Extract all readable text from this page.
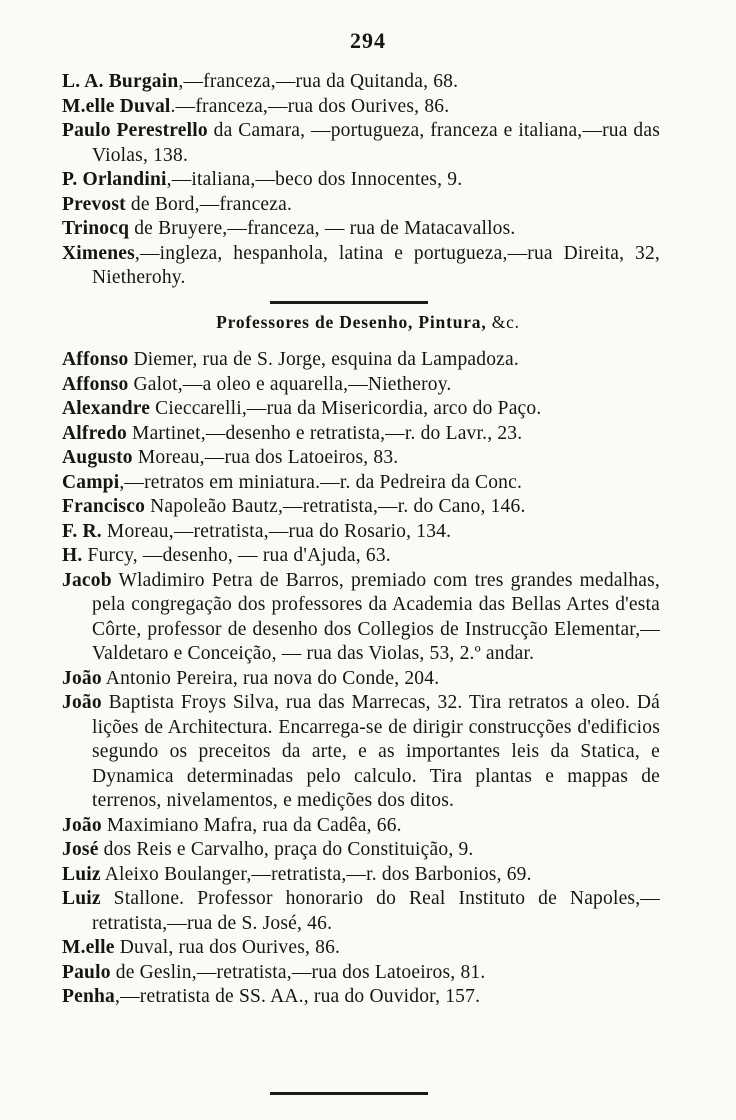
294

L. A. Burgain,—franceza,—rua da Quitanda, 68.

M.elle Duval.—franceza,—rua dos Ourives, 86.

Paulo Perestrello da Camara, —portugueza, franceza e italiana,—rua das Violas, 138.

P. Orlandini,—italiana,—beco dos Innocentes, 9.

Prevost de Bord,—franceza.

Trinocq de Bruyere,—franceza, — rua de Matacavallos.

Ximenes,—ingleza, hespanhola, latina e portugueza,—rua Direita, 32, Nietherohy.

Professores de Desenho, Pintura, &c.

Affonso Diemer, rua de S. Jorge, esquina da Lampadoza.

Affonso Galot,—a oleo e aquarella,—Nietheroy.

Alexandre Cieccarelli,—rua da Misericordia, arco do Paço.

Alfredo Martinet,—desenho e retratista,—r. do Lavr., 23.

Augusto Moreau,—rua dos Latoeiros, 83.

Campi,—retratos em miniatura.—r. da Pedreira da Conc.

Francisco Napoleão Bautz,—retratista,—r. do Cano, 146.

F. R. Moreau,—retratista,—rua do Rosario, 134.

H. Furcy, —desenho, — rua d'Ajuda, 63.

Jacob Wladimiro Petra de Barros, premiado com tres grandes medalhas, pela congregação dos professores da Academia das Bellas Artes d'esta Côrte, professor de desenho dos Collegios de Instrucção Elementar,—Valdetaro e Conceição, — rua das Violas, 53, 2.º andar.

João Antonio Pereira, rua nova do Conde, 204.

João Baptista Froys Silva, rua das Marrecas, 32. Tira retratos a oleo. Dá lições de Architectura. Encarrega-se de dirigir construcções d'edificios segundo os preceitos da arte, e as importantes leis da Statica, e Dynamica determinadas pelo calculo. Tira plantas e mappas de terrenos, nivelamentos, e medições dos ditos.

João Maximiano Mafra, rua da Cadêa, 66.

José dos Reis e Carvalho, praça do Constituição, 9.

Luiz Aleixo Boulanger,—retratista,—r. dos Barbonios, 69.

Luiz Stallone. Professor honorario do Real Instituto de Napoles,—retratista,—rua de S. José, 46.

M.elle Duval, rua dos Ourives, 86.

Paulo de Geslin,—retratista,—rua dos Latoeiros, 81.

Penha,—retratista de SS. AA., rua do Ouvidor, 157.
